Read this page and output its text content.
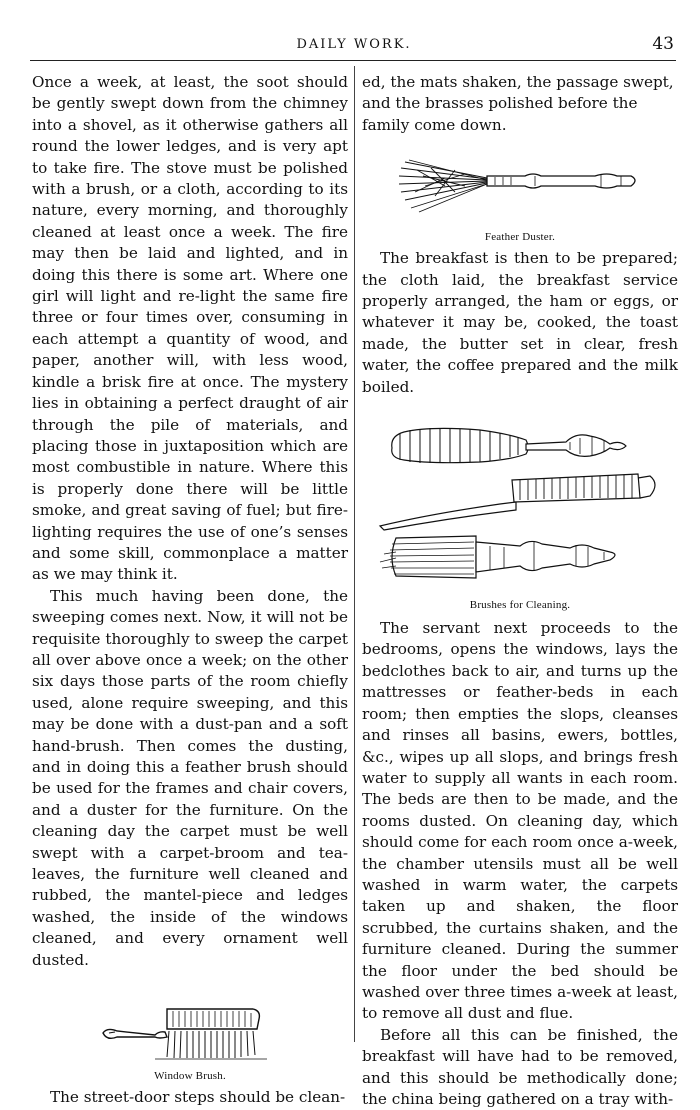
DAILY WORK.	43

Once a week, at least, the soot should be gently swept down from the chimney into a shovel, as it otherwise gathers all round the lower ledges, and is very apt to take fire. The stove must be polished with a brush, or a cloth, according to its nature, every morning, and thoroughly cleaned at least once a week. The fire may then be laid and lighted, and in doing this there is some art. Where one girl will light and re-light the same fire three or four times over, consuming in each attempt a quantity of wood, and paper, another will, with less wood, kindle a brisk fire at once. The mystery lies in obtaining a perfect draught of air through the pile of materials, and placing those in juxtaposition which are most combustible in nature. Where this is properly done there will be little smoke, and great saving of fuel; but fire-lighting requires the use of one’s senses and some skill, commonplace a matter as we may think it.

This much having been done, the sweeping comes next. Now, it will not be requisite thoroughly to sweep the carpet all over above once a week; on the other six days those parts of the room chiefly used, alone require sweeping, and this may be done with a dust-pan and a soft hand-brush. Then comes the dusting, and in doing this a feather brush should be used for the frames and chair covers, and a duster for the furniture. On the cleaning day the carpet must be well swept with a carpet-broom and tea-leaves, the furniture well cleaned and rubbed, the mantel-piece and ledges washed, the inside of the windows cleaned, and every ornament well dusted.

Window Brush.

The street-door steps should be clean-

ed, the mats shaken, the passage swept, and the brasses polished before the family come down.

Feather Duster.

The breakfast is then to be prepared; the cloth laid, the breakfast service properly arranged, the ham or eggs, or whatever it may be, cooked, the toast made, the butter set in clear, fresh water, the coffee prepared and the milk boiled.

Brushes for Cleaning.

The servant next proceeds to the bedrooms, opens the windows, lays the bedclothes back to air, and turns up the mattresses or feather-beds in each room; then empties the slops, cleanses and rinses all basins, ewers, bottles, &c., wipes up all slops, and brings fresh water to supply all wants in each room. The beds are then to be made, and the rooms dusted. On cleaning day, which should come for each room once a-week, the chamber utensils must all be well washed in warm water, the carpets taken up and shaken, the floor scrubbed, the curtains shaken, and the furniture cleaned. During the summer the floor under the bed should be washed over three times a-week at least, to remove all dust and flue.

Before all this can be finished, the breakfast will have had to be removed, and this should be methodically done; the china being gathered on a tray with-
